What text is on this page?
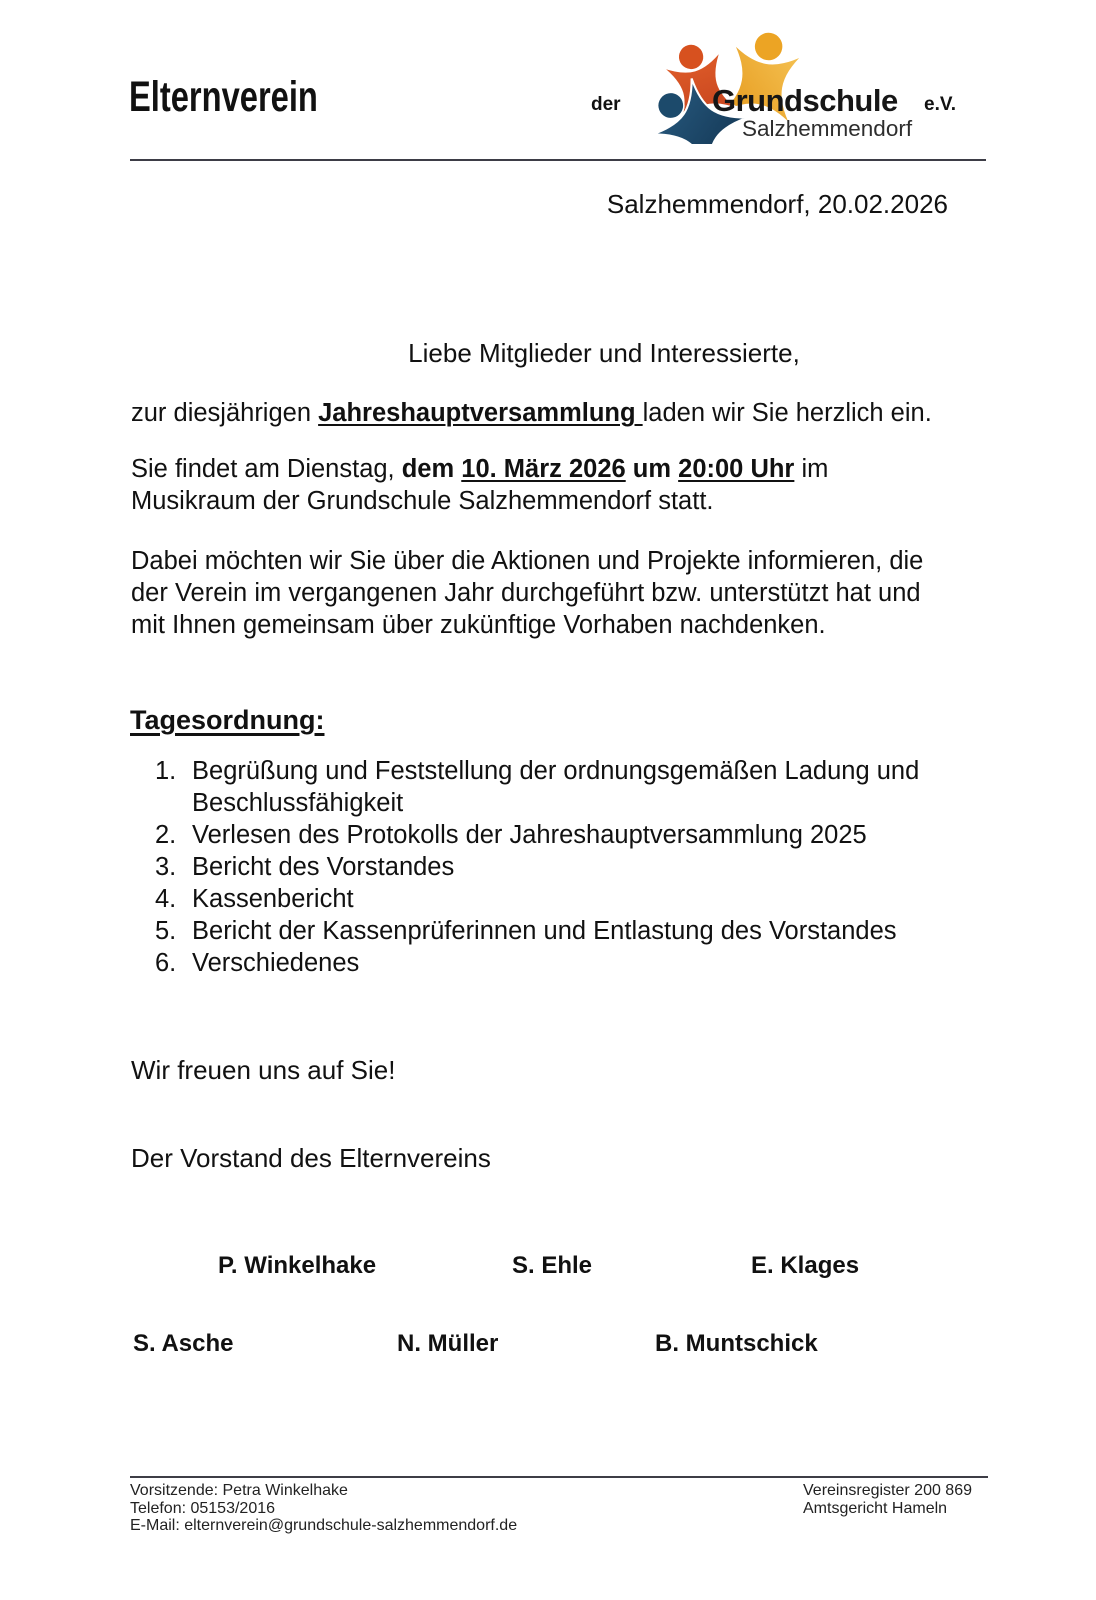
Elternverein	der	Grundschule
Salzhemmendorf
e.V.
Salzhemmendorf, 20.02.2026
Liebe Mitglieder und Interessierte,
zur diesjährigen Jahreshauptversammlung laden wir Sie herzlich ein.
Sie findet am Dienstag, dem 10. März 2026 um 20:00 Uhr im
Musikraum der Grundschule Salzhemmendorf statt.
Dabei möchten wir Sie über die Aktionen und Projekte informieren, die
der Verein im vergangenen Jahr durchgeführt bzw. unterstützt hat und
mit Ihnen gemeinsam über zukünftige Vorhaben nachdenken.
Tagesordnung:
1. Begrüßung und Feststellung der ordnungsgemäßen Ladung und Beschlussfähigkeit
2. Verlesen des Protokolls der Jahreshauptversammlung 2025
3. Bericht des Vorstandes
4. Kassenbericht
5. Bericht der Kassenprüferinnen und Entlastung des Vorstandes
6. Verschiedenes
Wir freuen uns auf Sie!
Der Vorstand des Elternvereins
P. Winkelhake	S. Ehle	E. Klages
S. Asche	N. Müller	B. Muntschick
Vorsitzende: Petra Winkelhake
Telefon: 05153/2016
E-Mail: elternverein@grundschule-salzhemmendorf.de
Vereinsregister 200 869
Amtsgericht Hameln
